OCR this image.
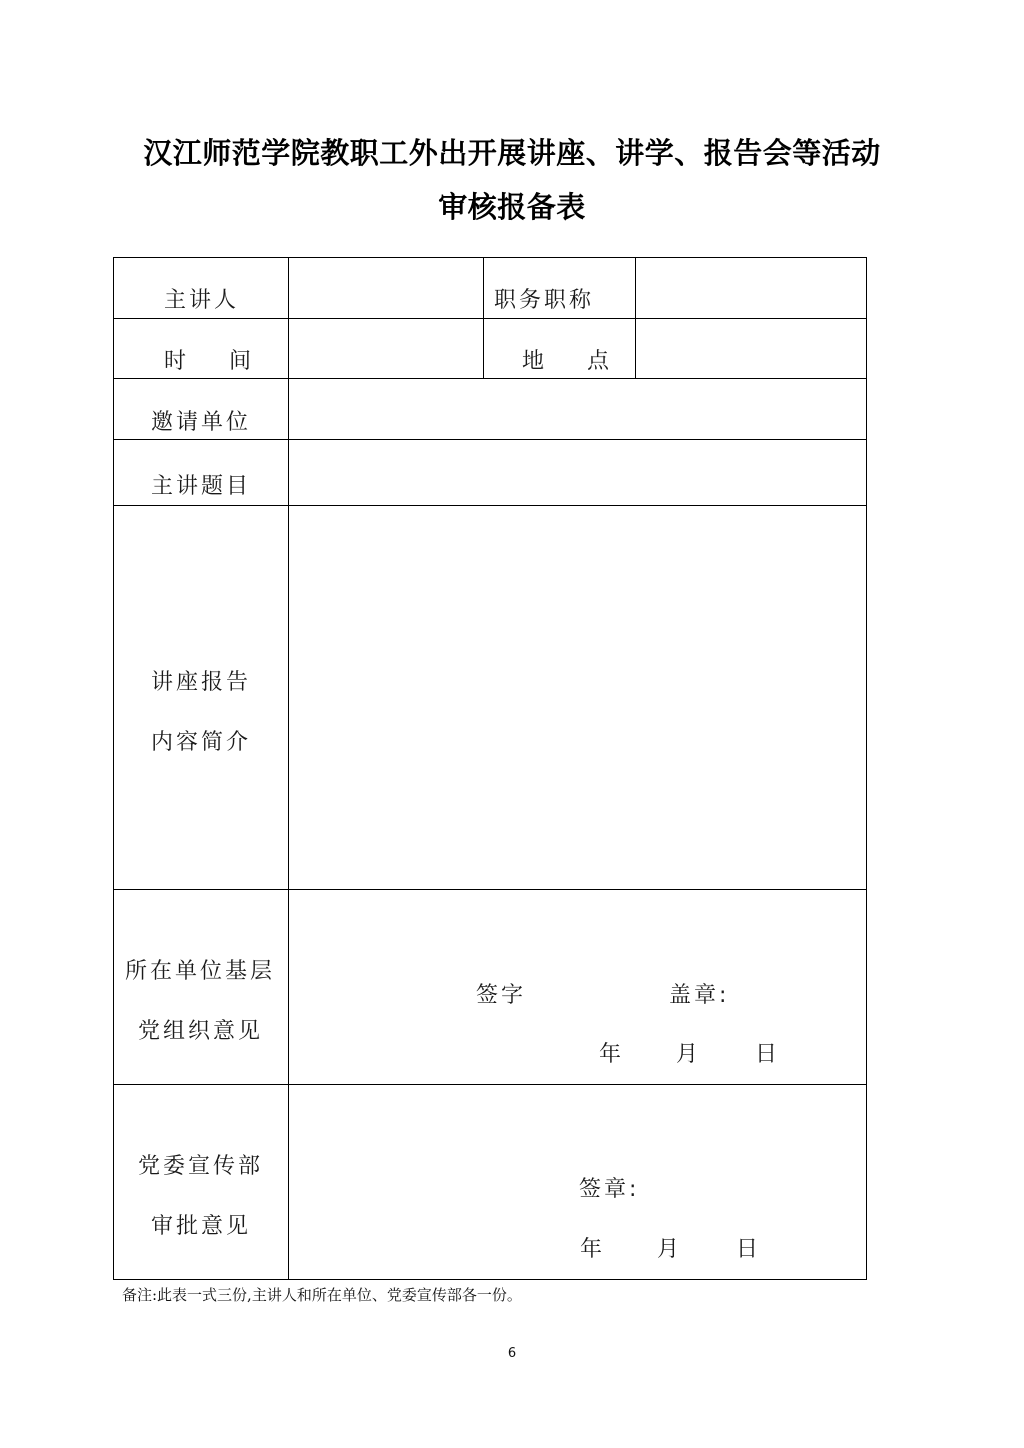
汉江师范学院教职工外出开展讲座、讲学、报告会等活动
审核报备表
主讲人	职务职称
时    间	地    点
邀请单位
主讲题目
讲座报告
内容简介
所在单位基层
党组织意见
签字	盖章:
年 月 日
党委宣传部
审批意见
签章:
年 月 日
备注:此表一式三份,主讲人和所在单位、党委宣传部各一份。
6
